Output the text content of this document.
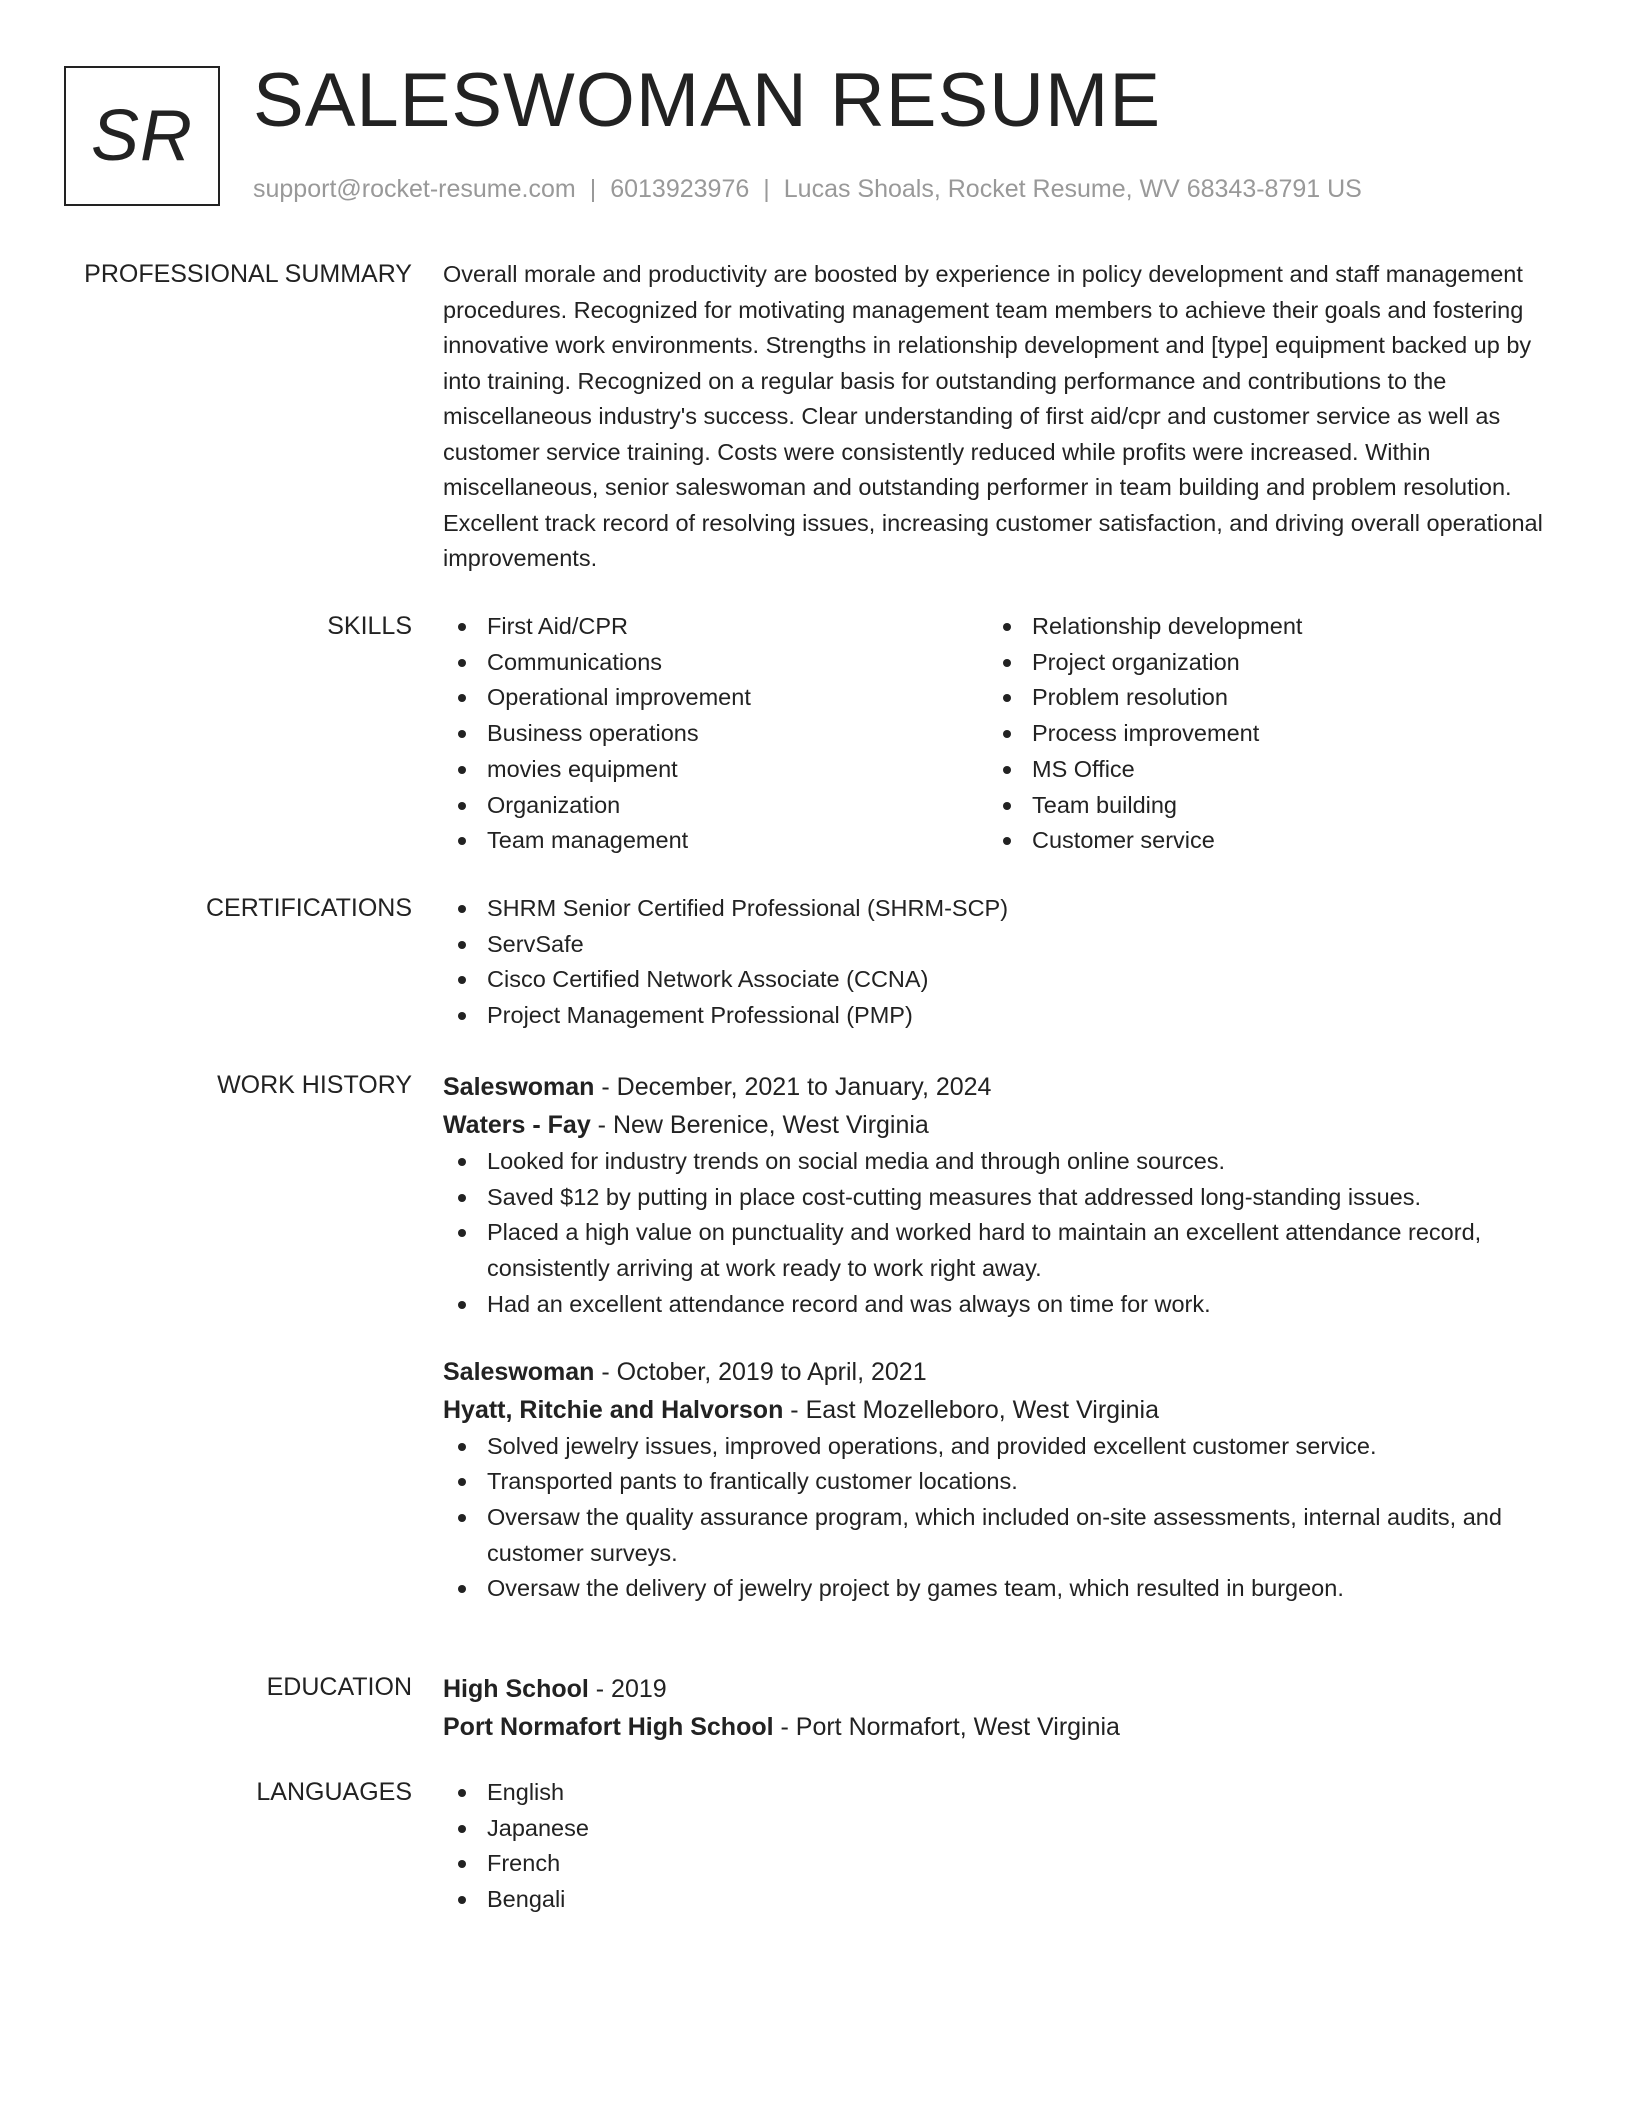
SR SALESWOMAN RESUME
support@rocket-resume.com | 6013923976 | Lucas Shoals, Rocket Resume, WV 68343-8791 US
PROFESSIONAL SUMMARY Overall morale and productivity are boosted by experience in policy development and staff management procedures. Recognized for motivating management team members to achieve their goals and fostering innovative work environments. Strengths in relationship development and [type] equipment backed up by into training. Recognized on a regular basis for outstanding performance and contributions to the miscellaneous industry's success. Clear understanding of first aid/cpr and customer service as well as customer service training. Costs were consistently reduced while profits were increased. Within miscellaneous, senior saleswoman and outstanding performer in team building and problem resolution. Excellent track record of resolving issues, increasing customer satisfaction, and driving overall operational improvements.

SKILLS	First Aid/CPR
Communications
Operational improvement
Business operations
movies equipment
Organization
Team management
Relationship development
Project organization
Problem resolution
Process improvement
MS Office
Team building
Customer service
CERTIFICATIONS	SHRM Senior Certified Professional (SHRM-SCP)
ServSafe
Cisco Certified Network Associate (CCNA)
Project Management Professional (PMP)
WORK HISTORY Saleswoman - December, 2021 to January, 2024
Waters - Fay - New Berenice, West Virginia
Looked for industry trends on social media and through online sources.
Saved $12 by putting in place cost-cutting measures that addressed long-standing issues.
Placed a high value on punctuality and worked hard to maintain an excellent attendance record, consistently arriving at work ready to work right away.
Had an excellent attendance record and was always on time for work.
Saleswoman - October, 2019 to April, 2021
Hyatt, Ritchie and Halvorson - East Mozelleboro, West Virginia
Solved jewelry issues, improved operations, and provided excellent customer service.
Transported pants to frantically customer locations.
Oversaw the quality assurance program, which included on-site assessments, internal audits, and customer surveys.
Oversaw the delivery of jewelry project by games team, which resulted in burgeon.
EDUCATION High School - 2019
Port Normafort High School - Port Normafort, West Virginia
LANGUAGES	English
Japanese
French
Bengali
